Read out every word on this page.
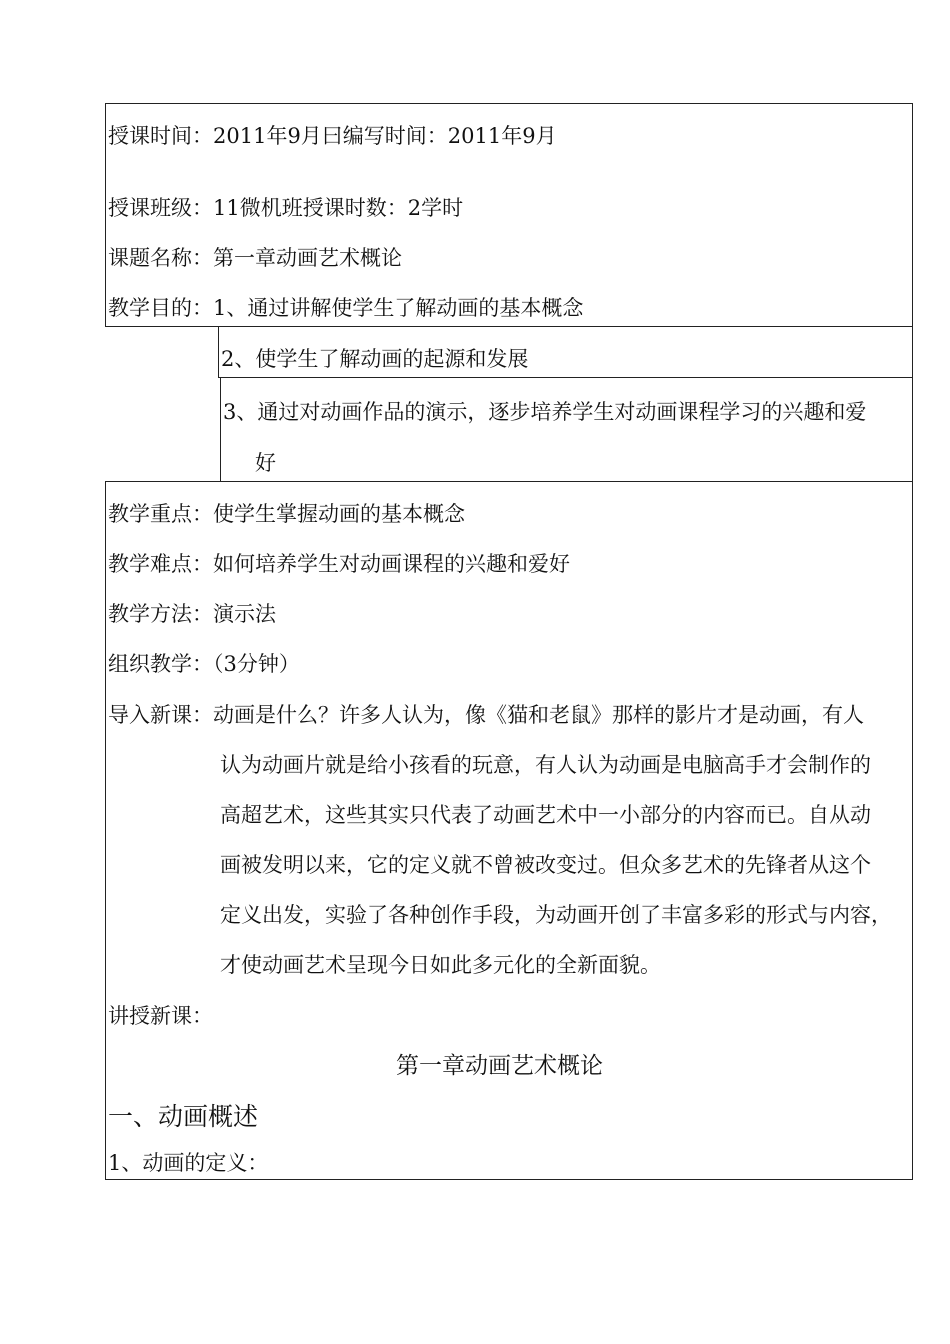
授课时间：2011年9月曰编写时间：2011年9月

授课班级：11微机班授课时数：2学时

课题名称：第一章动画艺术概论

教学目的：1、通过讲解使学生了解动画的基本概念

2、使学生了解动画的起源和发展

3、通过对动画作品的演示，逐步培养学生对动画课程学习的兴趣和爱

好

教学重点：使学生掌握动画的基本概念

教学难点：如何培养学生对动画课程的兴趣和爱好

教学方法：演示法

组织教学：（3分钟）

导入新课：动画是什么？许多人认为，像《猫和老鼠》那样的影片才是动画，有人

认为动画片就是给小孩看的玩意，有人认为动画是电脑高手才会制作的

高超艺术，这些其实只代表了动画艺术中一小部分的内容而已。自从动

画被发明以来，它的定义就不曾被改变过。但众多艺术的先锋者从这个

定义出发，实验了各种创作手段，为动画开创了丰富多彩的形式与内容，

才使动画艺术呈现今日如此多元化的全新面貌。

讲授新课：

第一章动画艺术概论

一、动画概述

1、动画的定义：
